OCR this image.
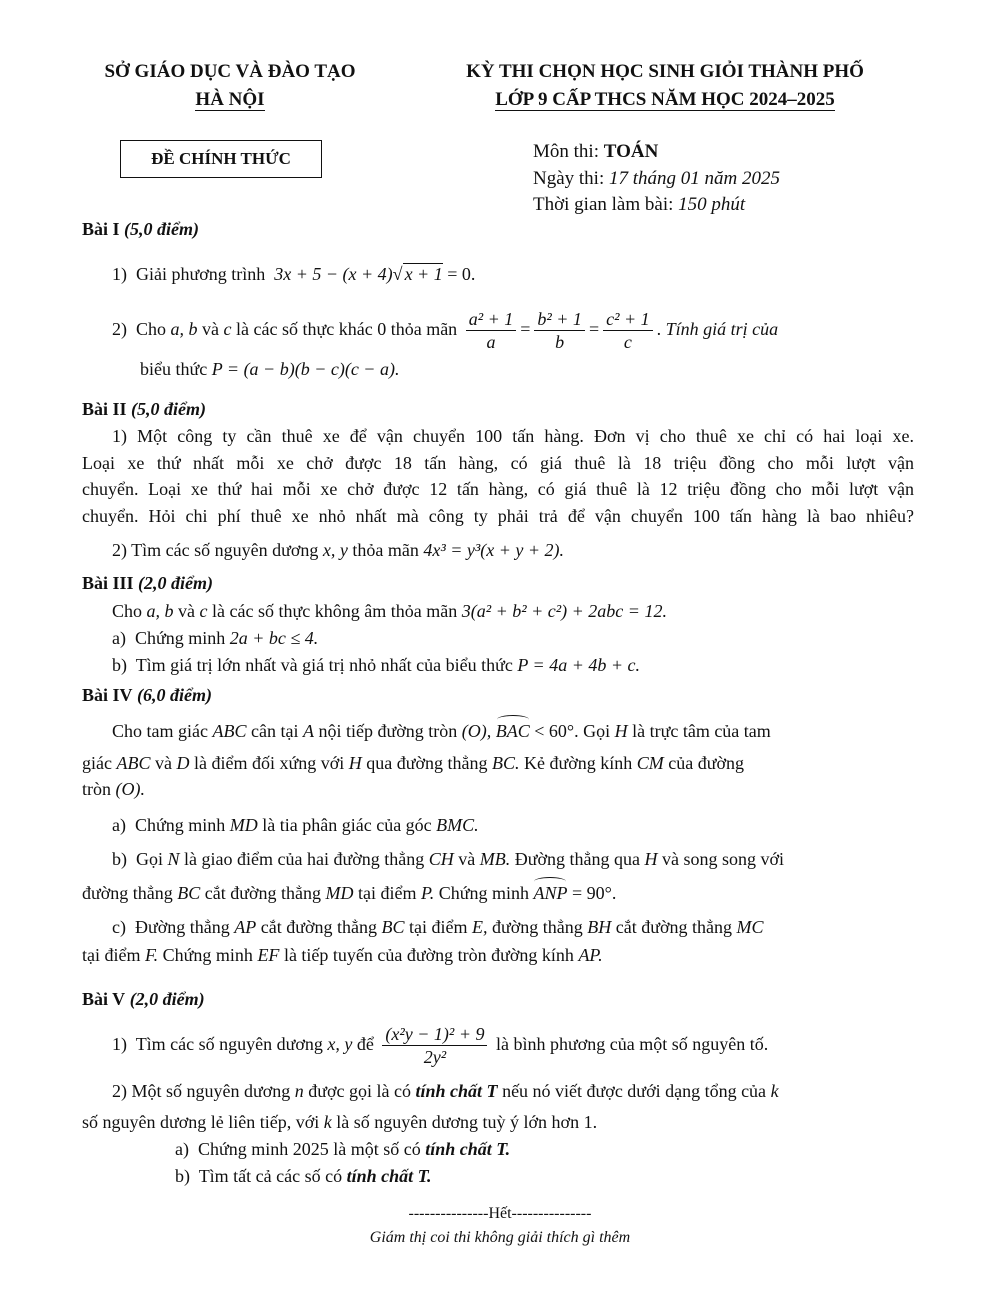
SỞ GIÁO DỤC VÀ ĐÀO TẠO
HÀ NỘI
KỲ THI CHỌN HỌC SINH GIỎI THÀNH PHỐ
LỚP 9 CẤP THCS NĂM HỌC 2024–2025
ĐỀ CHÍNH THỨC	Môn thi: TOÁN
Ngày thi: 17 tháng 01 năm 2025
Thời gian làm bài: 150 phút
Bài I (5,0 điểm)
1) Giải phương trình 3x + 5 − (x + 4)√ x + 1 = 0.
2) Cho a, b và c là các số thực khác 0 thỏa mãn $\frac{\text{a² + 1}}{a} = \frac{\text{b² + 1}}{b} = \frac{\text{c² + 1}}{c}$ . Tính giá trị của
biểu thức P = (a − b)(b − c)(c − a).
Bài II (5,0 điểm)
1) Một công ty cần thuê xe để vận chuyển 100 tấn hàng. Đơn vị cho thuê xe chỉ có hai loại xe.
Loại xe thứ nhất mỗi xe chở được 18 tấn hàng, có giá thuê là 18 triệu đồng cho mỗi lượt vận
chuyển. Loại xe thứ hai mỗi xe chở được 12 tấn hàng, có giá thuê là 12 triệu đồng cho mỗi lượt vận
chuyển. Hỏi chi phí thuê xe nhỏ nhất mà công ty phải trả để vận chuyển 100 tấn hàng là bao nhiêu?
2) Tìm các số nguyên dương x, y thỏa mãn 4x³ = y³(x + y + 2).
Bài III (2,0 điểm)
Cho a, b và c là các số thực không âm thỏa mãn 3(a² + b² + c²) + 2abc = 12.
a) Chứng minh 2a + bc ≤ 4.
b) Tìm giá trị lớn nhất và giá trị nhỏ nhất của biểu thức P = 4a + 4b + c.
Bài IV (6,0 điểm)
Cho tam giác ABC cân tại A nội tiếp đường tròn (O), BAC < 60°. Gọi H là trực tâm của tam
giác ABC và D là điểm đối xứng với H qua đường thẳng BC. Kẻ đường kính CM của đường
tròn (O).
a) Chứng minh MD là tia phân giác của góc BMC.
b) Gọi N là giao điểm của hai đường thẳng CH và MB. Đường thẳng qua H và song song với
đường thẳng BC cắt đường thẳng MD tại điểm P. Chứng minh ANP = 90°.
c) Đường thẳng AP cắt đường thẳng BC tại điểm E, đường thẳng BH cắt đường thẳng MC
tại điểm F. Chứng minh EF là tiếp tuyến của đường tròn đường kính AP.
Bài V (2,0 điểm)
1) Tìm các số nguyên dương x, y để $\frac{\text{(x²y − 1)² + 9}}{\text{2y²}}$ là bình phương của một số nguyên tố.
2) Một số nguyên dương n được gọi là có tính chất T nếu nó viết được dưới dạng tổng của k
số nguyên dương lẻ liên tiếp, với k là số nguyên dương tuỳ ý lớn hơn 1.
a) Chứng minh 2025 là một số có tính chất T.
b) Tìm tất cả các số có tính chất T.
---------------Hết---------------
Giám thị coi thi không giải thích gì thêm
